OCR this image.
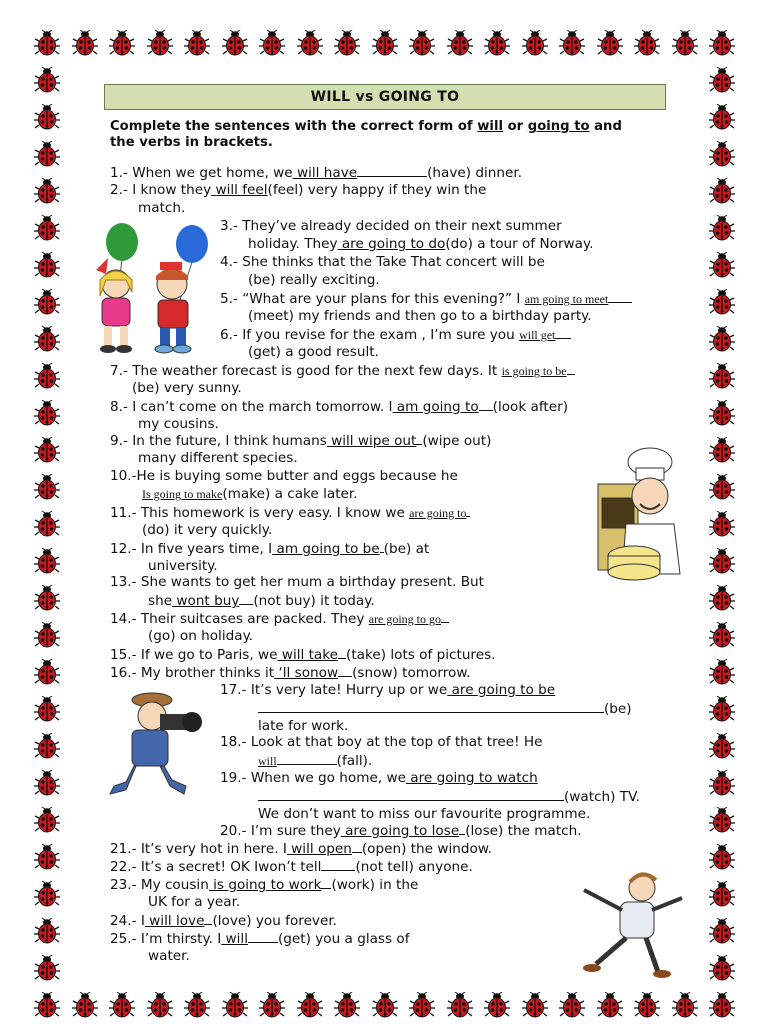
WILL vs GOING TO
Complete the sentences with the correct form of will or going to and
the verbs in brackets.
1.- When we get home, we will have	(have) dinner.
2.- I know they will feel(feel) very happy if they win the
match.
3.- They’ve already decided on their next summer
holiday. They are going to do(do) a tour of Norway.
4.- She thinks that the Take That concert will be
(be) really exciting.
5.- “What are your plans for this evening?” I am going to meet
(meet) my friends and then go to a birthday party.
6.- If you revise for the exam , I’m sure you will get
(get) a good result.
7.- The weather forecast is good for the next few days. It is going to be
(be) very sunny.
8.- I can’t come on the march tomorrow. I am going to (look after)
my cousins.
9.- In the future, I think humans will wipe out (wipe out)
many different species.
10.-He is buying some butter and eggs because he
Is going to make(make) a cake later.
11.- This homework is very easy. I know we are going to
(do) it very quickly.
12.- In five years time, I am going to be (be) at
university.
13.- She wants to get her mum a birthday present. But
she wont buy (not buy) it today.
14.- Their suitcases are packed. They are going to go
(go) on holiday.
15.- If we go to Paris, we will take (take) lots of pictures.
16.- My brother thinks it ‘ll sonow (snow) tomorrow.
17.- It’s very late! Hurry up or we are going to be
(be)
late for work.
18.- Look at that boy at the top of that tree! He
will	(fall).
19.- When we go home, we are going to watch
(watch) TV.
We don’t want to miss our favourite programme.
20.- I’m sure they are going to lose (lose) the match.
21.- It’s very hot in here. I will open (open) the window.
22.- It’s a secret! OK Iwon’t tell	(not tell) anyone.
23.- My cousin is going to work (work) in the
UK for a year.
24.- I will love (love) you forever.
25.- I’m thirsty. I will (get) you a glass of
water.
